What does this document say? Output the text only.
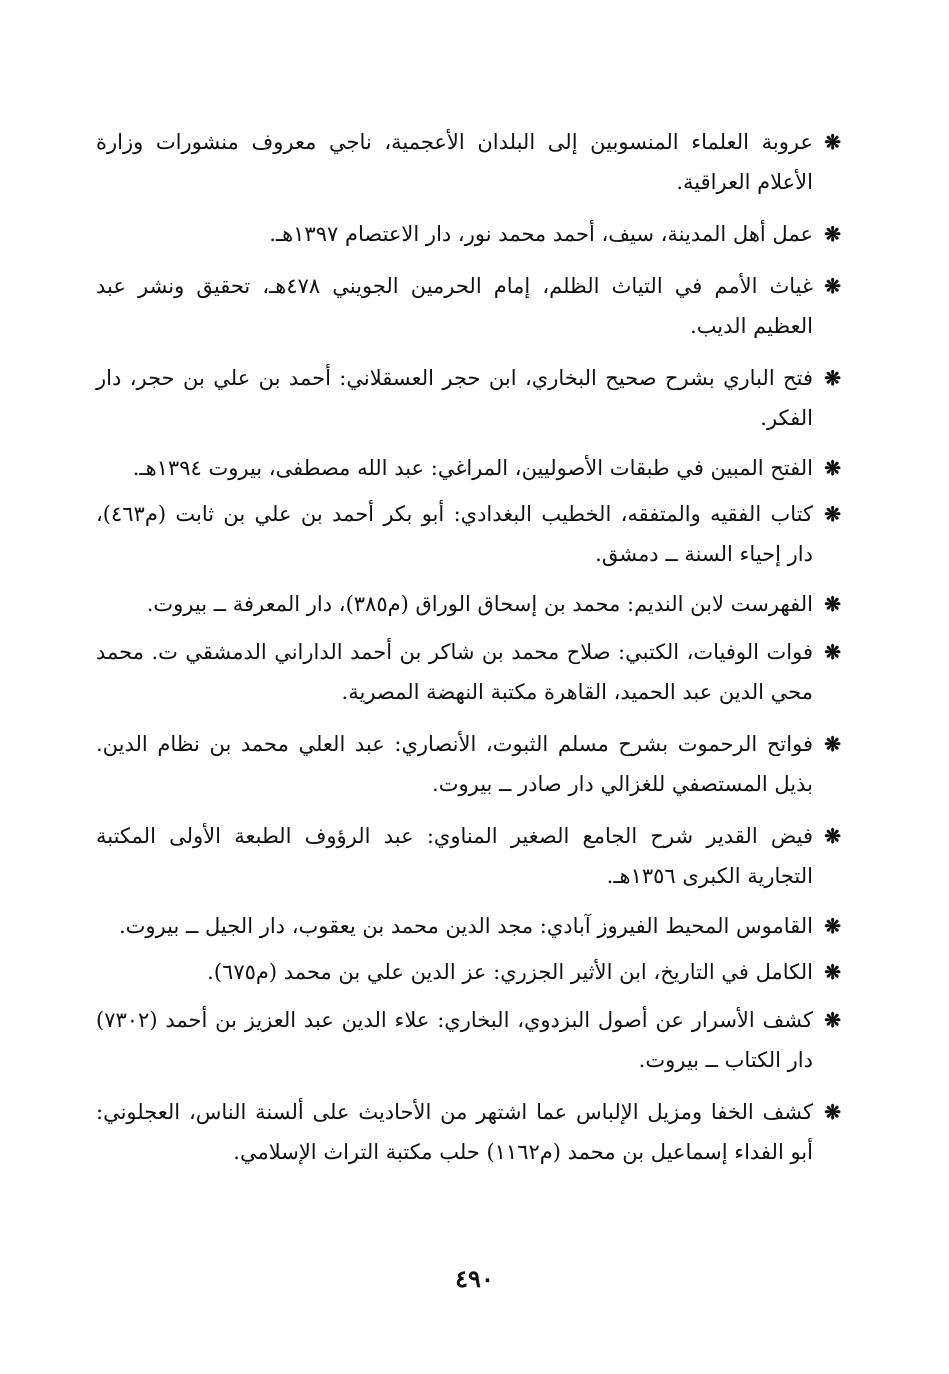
❋
عروبة العلماء المنسوبين إلى البلدان الأعجمية، ناجي معروف منشورات وزارة الأعلام العراقية.

❋
عمل أهل المدينة، سيف، أحمد محمد نور، دار الاعتصام ١٣٩٧هـ.

❋
غياث الأمم في التياث الظلم، إمام الحرمين الجويني ٤٧٨هـ، تحقيق ونشر عبد العظيم الديب.

❋
فتح الباري بشرح صحيح البخاري، ابن حجر العسقلاني: أحمد بن علي بن حجر، دار الفكر.

❋
الفتح المبين في طبقات الأصوليين، المراغي: عبد الله مصطفى، بيروت ١٣٩٤هـ.

❋
كتاب الفقيه والمتفقه، الخطيب البغدادي: أبو بكر أحمد بن علي بن ثابت (م٤٦٣)، دار إحياء السنة ــ دمشق.

❋
الفهرست لابن النديم: محمد بن إسحاق الوراق (م٣٨٥)، دار المعرفة ــ بيروت.

❋
فوات الوفيات، الكتبي: صلاح محمد بن شاكر بن أحمد الداراني الدمشقي ت. محمد محي الدين عبد الحميد، القاهرة مكتبة النهضة المصرية.

❋
فواتح الرحموت بشرح مسلم الثبوت، الأنصاري: عبد العلي محمد بن نظام الدين. بذيل المستصفي للغزالي دار صادر ــ بيروت.

❋
فيض القدير شرح الجامع الصغير المناوي: عبد الرؤوف الطبعة الأولى المكتبة التجارية الكبرى ١٣٥٦هـ.

❋
القاموس المحيط الفيروز آبادي: مجد الدين محمد بن يعقوب، دار الجيل ــ بيروت.

❋
الكامل في التاريخ، ابن الأثير الجزري: عز الدين علي بن محمد (م٦٧٥).

❋
كشف الأسرار عن أصول البزدوي، البخاري: علاء الدين عبد العزيز بن أحمد (٧٣٠٢) دار الكتاب ــ بيروت.

❋
كشف الخفا ومزيل الإلباس عما اشتهر من الأحاديث على ألسنة الناس، العجلوني: أبو الفداء إسماعيل بن محمد (م١١٦٢) حلب مكتبة التراث الإسلامي.

٤٩٠
